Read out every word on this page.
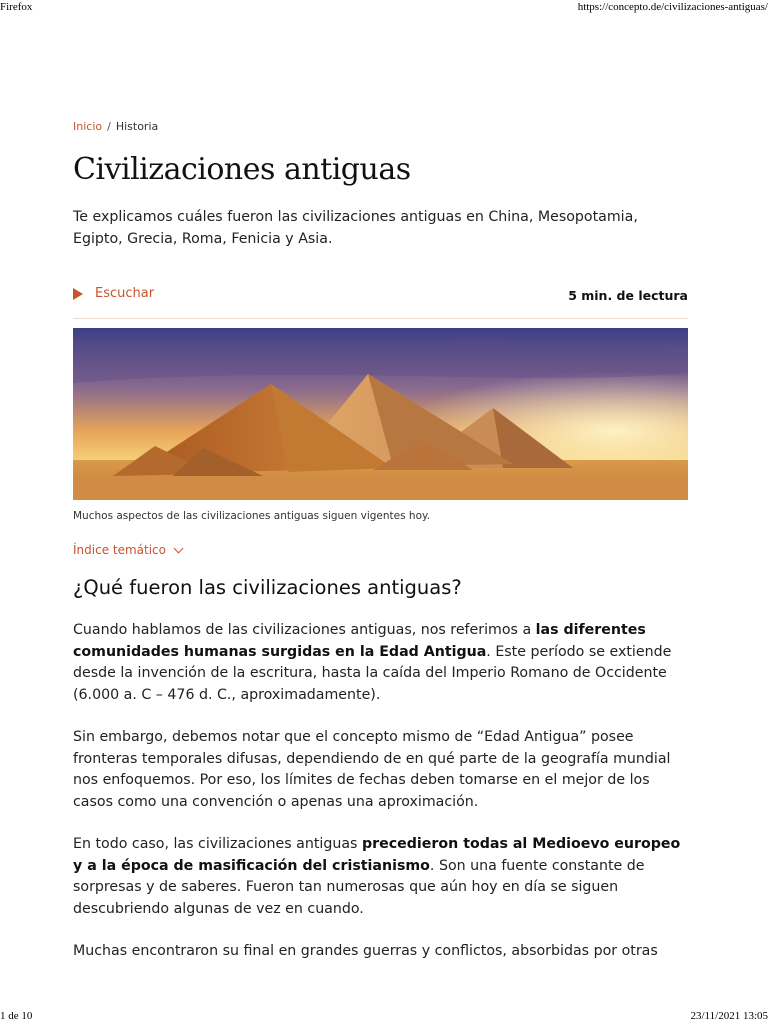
Firefox	https://concepto.de/civilizaciones-antiguas/
Inicio / Historia
Civilizaciones antiguas

Te explicamos cuáles fueron las civilizaciones antiguas en China, Mesopotamia, Egipto, Grecia, Roma, Fenicia y Asia.

Escuchar	5 min. de lectura
Muchos aspectos de las civilizaciones antiguas siguen vigentes hoy.
Índice temático
¿Qué fueron las civilizaciones antiguas?

Cuando hablamos de las civilizaciones antiguas, nos referimos a las diferentes comunidades humanas surgidas en la Edad Antigua. Este período se extiende desde la invención de la escritura, hasta la caída del Imperio Romano de Occidente (6.000 a. C – 476 d. C., aproximadamente).

Sin embargo, debemos notar que el concepto mismo de “Edad Antigua” posee fronteras temporales difusas, dependiendo de en qué parte de la geografía mundial nos enfoquemos. Por eso, los límites de fechas deben tomarse en el mejor de los casos como una convención o apenas una aproximación.

En todo caso, las civilizaciones antiguas precedieron todas al Medioevo europeo y a la época de masificación del cristianismo. Son una fuente constante de sorpresas y de saberes. Fueron tan numerosas que aún hoy en día se siguen descubriendo algunas de vez en cuando.

Muchas encontraron su final en grandes guerras y conflictos, absorbidas por otras

1 de 10	23/11/2021 13:05
